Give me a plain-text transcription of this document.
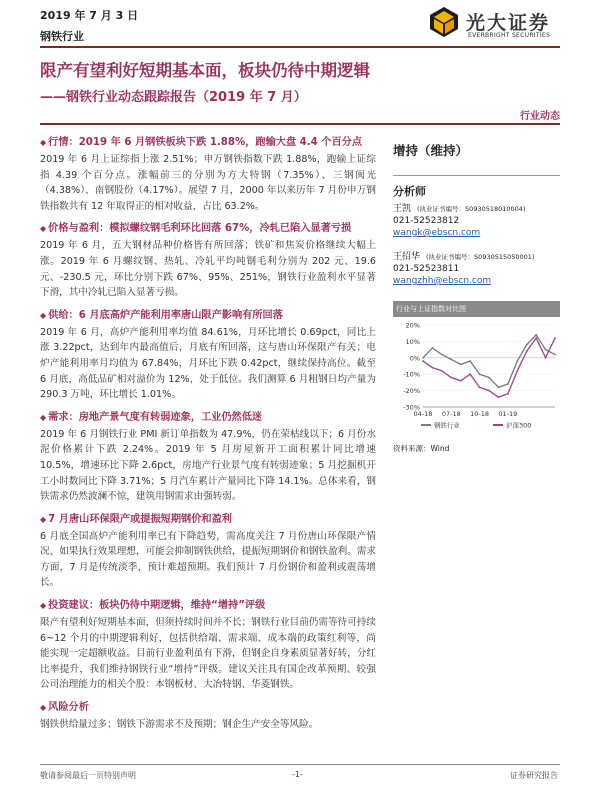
2019 年 7 月 3 日
钢铁行业
光大证券
EVERBRIGHT SECURITIES
限产有望利好短期基本面，板块仍待中期逻辑
——钢铁行业动态跟踪报告（2019 年 7 月）
行业动态
◆ 行情：2019 年 6 月钢铁板块下跌 1.88%，跑输大盘 4.4 个百分点
2019 年 6 月上证综指上涨 2.51%；申万钢铁指数下跌 1.88%，跑输上证综指 4.39 个百分点。涨幅前三的分别为方大特钢（7.35%）、三钢闽光（4.38%）、南钢股份（4.17%）。展望 7 月，2000 年以来历年 7 月份申万钢铁指数共有 12 年取得正的相对收益，占比 63.2%。
◆ 价格与盈利：模拟螺纹钢毛利环比回落 67%，冷轧已陷入显著亏损
2019 年 6 月，五大钢材品种价格皆有所回落；铁矿和焦炭价格继续大幅上涨。2019 年 6 月螺纹钢、热轧、冷轧平均吨钢毛利分别为 202 元、19.6 元、-230.5 元，环比分别下跌 67%、95%、251%，钢铁行业盈利水平显著下滑，其中冷轧已陷入显著亏损。
◆ 供给：6 月底高炉产能利用率唐山限产影响有所回落
2019 年 6 月，高炉产能利用率均值 84.61%，月环比增长 0.69pct，同比上涨 3.22pct，达到年内最高值后，月底有所回落，这与唐山环保限产有关；电炉产能利用率月均值为 67.84%，月环比下跌 0.42pct，继续保持高位。截至 6 月底，高低品矿相对溢价为 12%，处于低位。我们测算 6 月粗钢日均产量为 290.3 万吨，环比增长 1.01%。
◆ 需求：房地产景气度有转弱迹象，工业仍然低迷
2019 年 6 月钢铁行业 PMI 新订单指数为 47.9%，仍在荣枯线以下；6 月份水泥价格累计下跌 2.24%。2019 年 5 月房屋新开工面积累计同比增速 10.5%，增速环比下降 2.6pct，房地产行业景气度有转弱迹象；5 月挖掘机开工小时数同比下降 3.71%；5 月汽车累计产量同比下降 14.1%。总体来看，钢铁需求仍然波澜不惊，建筑用钢需求由强转弱。
◆ 7 月唐山环保限产或提振短期钢价和盈利
6 月底全国高炉产能利用率已有下降趋势，需高度关注 7 月份唐山环保限产情况，如果执行效果理想，可能会抑制钢铁供给，提振短期钢价和钢铁盈利。需求方面，7 月是传统淡季，预计难超预期。我们预计 7 月份钢价和盈利或震荡增长。
◆ 投资建议：板块仍待中期逻辑，维持“增持”评级
限产有望利好短期基本面，但须持续时间并不长；钢铁行业目前仍需等待可持续 6~12 个月的中期逻辑利好，包括供给端、需求端、成本端的政策红利等，尚能实现一定超额收益。目前行业盈利虽有下滑，但钢企自身素质显著好转，分红比率提升，我们维持钢铁行业“增持”评级。建议关注具有国企改革预期、较强公司治理能力的相关个股：本钢板材、大冶特钢、华菱钢铁。
◆ 风险分析
钢铁供给量过多；钢铁下游需求不及预期；钢企生产安全等风险。
增持（维持）
分析师
王凯 (执业证书编号：S0930518010004)
021-52523812
wangk@ebscn.com
王招华 (执业证书编号：S0930515050001)
021-52523811
wangzhh@ebscn.com
行业与上证指数对比图
20%
10%
0%
-10%
-20%
-30%
04-18 07-18 10-18 01-19
钢铁行业	沪深300
资料来源：Wind
敬请参阅最后一页特别声明	-1-	证券研究报告
